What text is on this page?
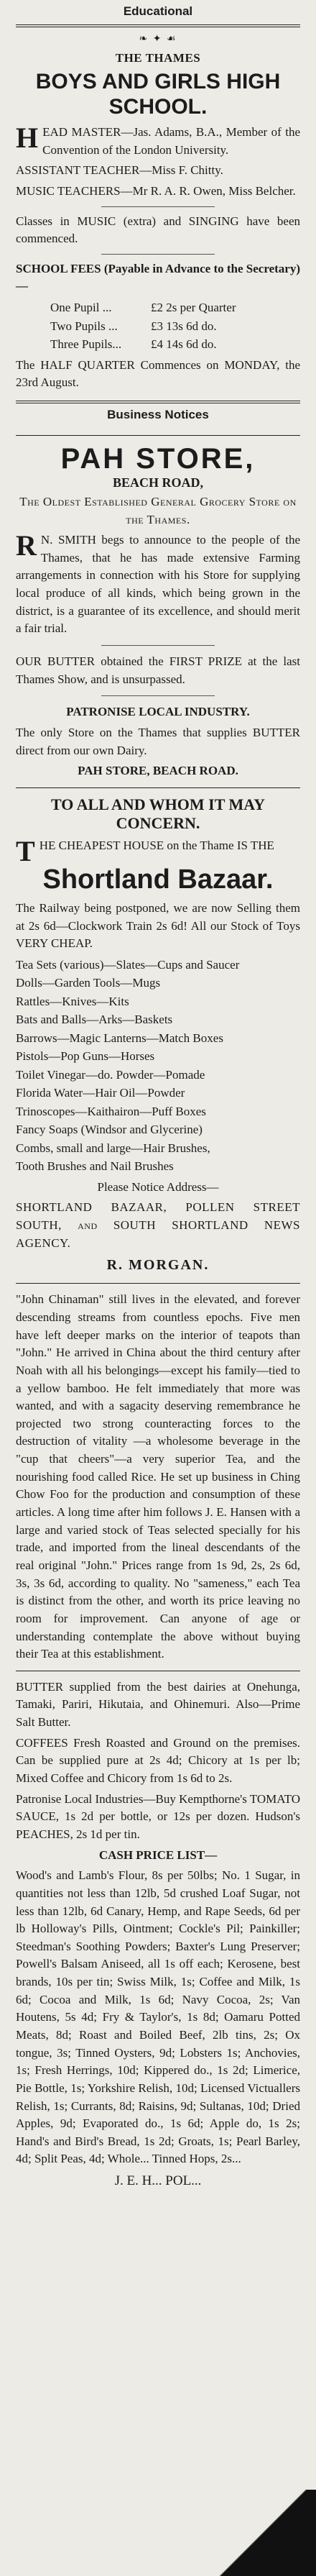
Educational
❧ ✦ ☙
THE THAMES
BOYS AND GIRLS HIGH SCHOOL.

HEAD MASTER—Jas. Adams, B.A., Member of the Convention of the London University.

ASSISTANT TEACHER—Miss F. Chitty.

MUSIC TEACHERS—Mr R. A. R. Owen, Miss Belcher.

Classes in MUSIC (extra) and SINGING have been commenced.

SCHOOL FEES (Payable in Advance to the Secretary)—

One Pupil ...	£2 2s per Quarter
Two Pupils ...	£3 13s 6d do.
Three Pupils...	£4 14s 6d do.

The HALF QUARTER Commences on MONDAY, the 23rd August.

Business Notices
PAH STORE,
BEACH ROAD,

The Oldest Established General Grocery Store on the Thames.

R N. SMITH begs to announce to the people of the Thames, that he has made extensive Farming arrangements in connection with his Store for supplying local produce of all kinds, which being grown in the district, is a guarantee of its excellence, and should merit a fair trial.

OUR BUTTER obtained the FIRST PRIZE at the last Thames Show, and is unsurpassed.

PATRONISE LOCAL INDUSTRY.

The only Store on the Thames that supplies BUTTER direct from our own Dairy.

PAH STORE, BEACH ROAD.

TO ALL AND WHOM IT MAY CONCERN.

THE CHEAPEST HOUSE on the Thame IS THE

Shortland Bazaar.

The Railway being postponed, we are now Selling them at 2s 6d—Clockwork Train 2s 6d! All our Stock of Toys VERY CHEAP.

Tea Sets (various)—Slates—Cups and Saucer

Dolls—Garden Tools—Mugs

Rattles—Knives—Kits

Bats and Balls—Arks—Baskets

Barrows—Magic Lanterns—Match Boxes

Pistols—Pop Guns—Horses

Toilet Vinegar—do. Powder—Pomade

Florida Water—Hair Oil—Powder

Trinoscopes—Kaithairon—Puff Boxes

Fancy Soaps (Windsor and Glycerine)

Combs, small and large—Hair Brushes,

Tooth Brushes and Nail Brushes

Please Notice Address—

SHORTLAND BAZAAR, POLLEN STREET SOUTH, and SOUTH SHORTLAND NEWS AGENCY.

R. MORGAN.

"John Chinaman" still lives in the elevated, and forever descending streams from countless epochs. Five men have left deeper marks on the interior of teapots than "John." He arrived in China about the third century after Noah with all his belongings—except his family—tied to a yellow bamboo. He felt immediately that more was wanted, and with a sagacity deserving remembrance he projected two strong counteracting forces to the destruction of vitality —a wholesome beverage in the "cup that cheers"—a very superior Tea, and the nourishing food called Rice. He set up business in Ching Chow Foo for the production and consumption of these articles. A long time after him follows J. E. Hansen with a large and varied stock of Teas selected specially for his trade, and imported from the lineal descendants of the real original "John." Prices range from 1s 9d, 2s, 2s 6d, 3s, 3s 6d, according to quality. No "sameness," each Tea is distinct from the other, and worth its price leaving no room for improvement. Can anyone of age or understanding contemplate the above without buying their Tea at this establishment.

BUTTER supplied from the best dairies at Onehunga, Tamaki, Pariri, Hikutaia, and Ohinemuri. Also—Prime Salt Butter.

COFFEES Fresh Roasted and Ground on the premises. Can be supplied pure at 2s 4d; Chicory at 1s per lb; Mixed Coffee and Chicory from 1s 6d to 2s.

Patronise Local Industries—Buy Kempthorne's TOMATO SAUCE, 1s 2d per bottle, or 12s per dozen. Hudson's PEACHES, 2s 1d per tin.

CASH PRICE LIST—

Wood's and Lamb's Flour, 8s per 50lbs; No. 1 Sugar, in quantities not less than 12lb, 5d crushed Loaf Sugar, not less than 12lb, 6d Canary, Hemp, and Rape Seeds, 6d per lb Holloway's Pills, Ointment; Cockle's Pil; Painkiller; Steedman's Soothing Powders; Baxter's Lung Preserver; Powell's Balsam Aniseed, all 1s off each; Kerosene, best brands, 10s per tin; Swiss Milk, 1s; Coffee and Milk, 1s 6d; Cocoa and Milk, 1s 6d; Navy Cocoa, 2s; Van Houtens, 5s 4d; Fry & Taylor's, 1s 8d; Oamaru Potted Meats, 8d; Roast and Boiled Beef, 2lb tins, 2s; Ox tongue, 3s; Tinned Oysters, 9d; Lobsters 1s; Anchovies, 1s; Fresh Herrings, 10d; Kippered do., 1s 2d; Limerice, Pie Bottle, 1s; Yorkshire Relish, 10d; Licensed Victuallers Relish, 1s; Currants, 8d; Raisins, 9d; Sultanas, 10d; Dried Apples, 9d; Evaporated do., 1s 6d; Apple do, 1s 2s; Hand's and Bird's Bread, 1s 2d; Groats, 1s; Pearl Barley, 4d; Split Peas, 4d; Whole... Tinned Hops, 2s...

J. E. H... POL...
